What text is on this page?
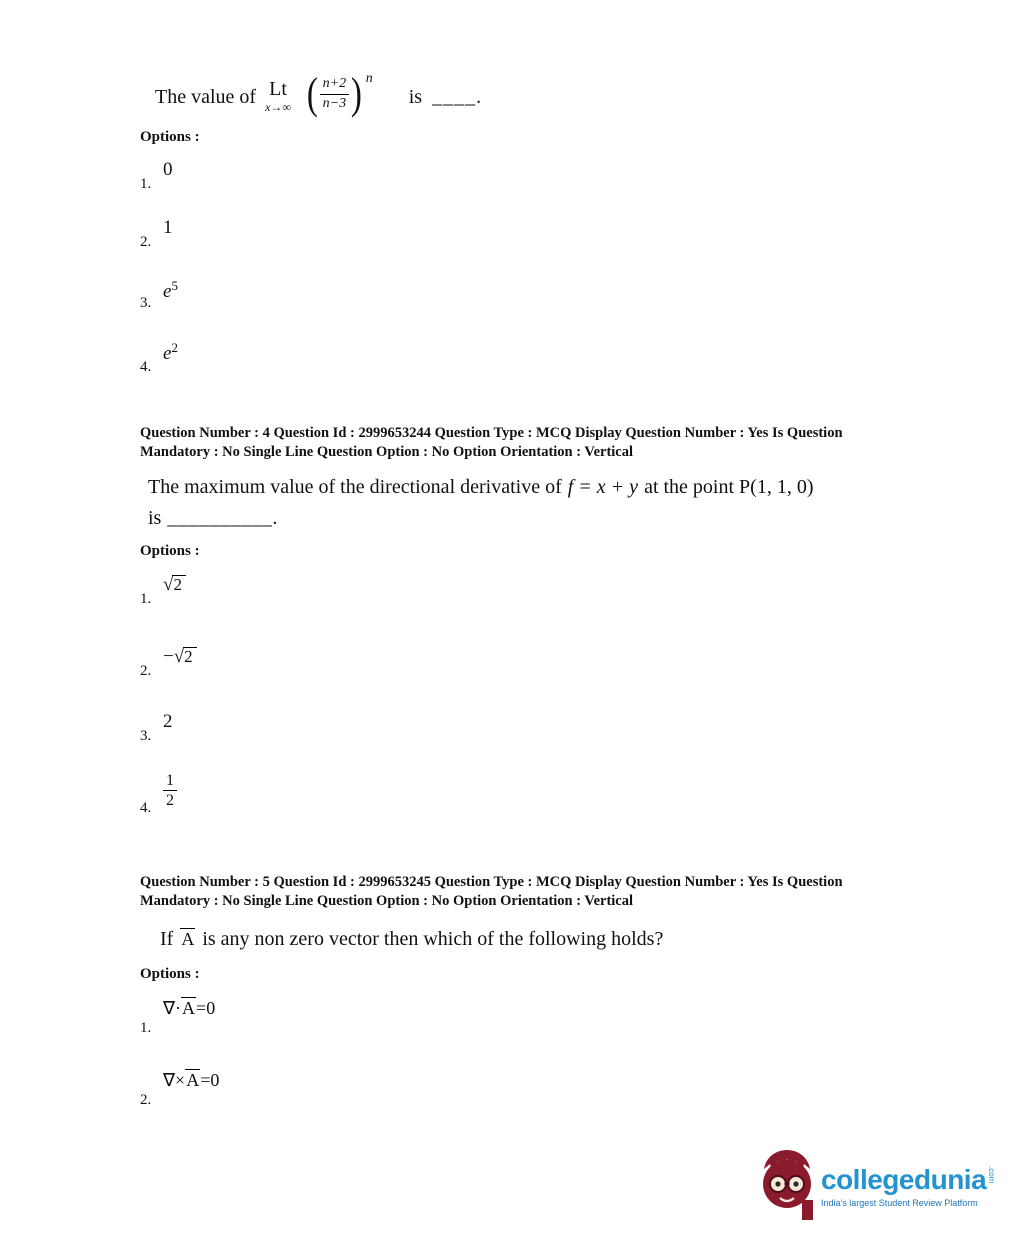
The value of Lt
x→∞ ( $\frac{n+2}{n-3}$ ) n
is ____.
Options :
0
1.
1
2.
$e^5$
3.
$e^2$
4.
Question Number : 4 Question Id : 2999653244 Question Type : MCQ Display Question Number : Yes Is Question
Mandatory : No Single Line Question Option : No Option Orientation : Vertical
The maximum value of the directional derivative of f = x + y at the point P(1, 1, 0)
is __________.
Options :
√2
1.
−√2
2.
2
3.
$\frac{1}{2}$
4.
Question Number : 5 Question Id : 2999653245 Question Type : MCQ Display Question Number : Yes Is Question
Mandatory : No Single Line Question Option : No Option Orientation : Vertical
If A is any non zero vector then which of the following holds?
Options :
∇·A=0
1.
∇×A=0
2.
collegedunia .com
India's largest Student Review Platform
